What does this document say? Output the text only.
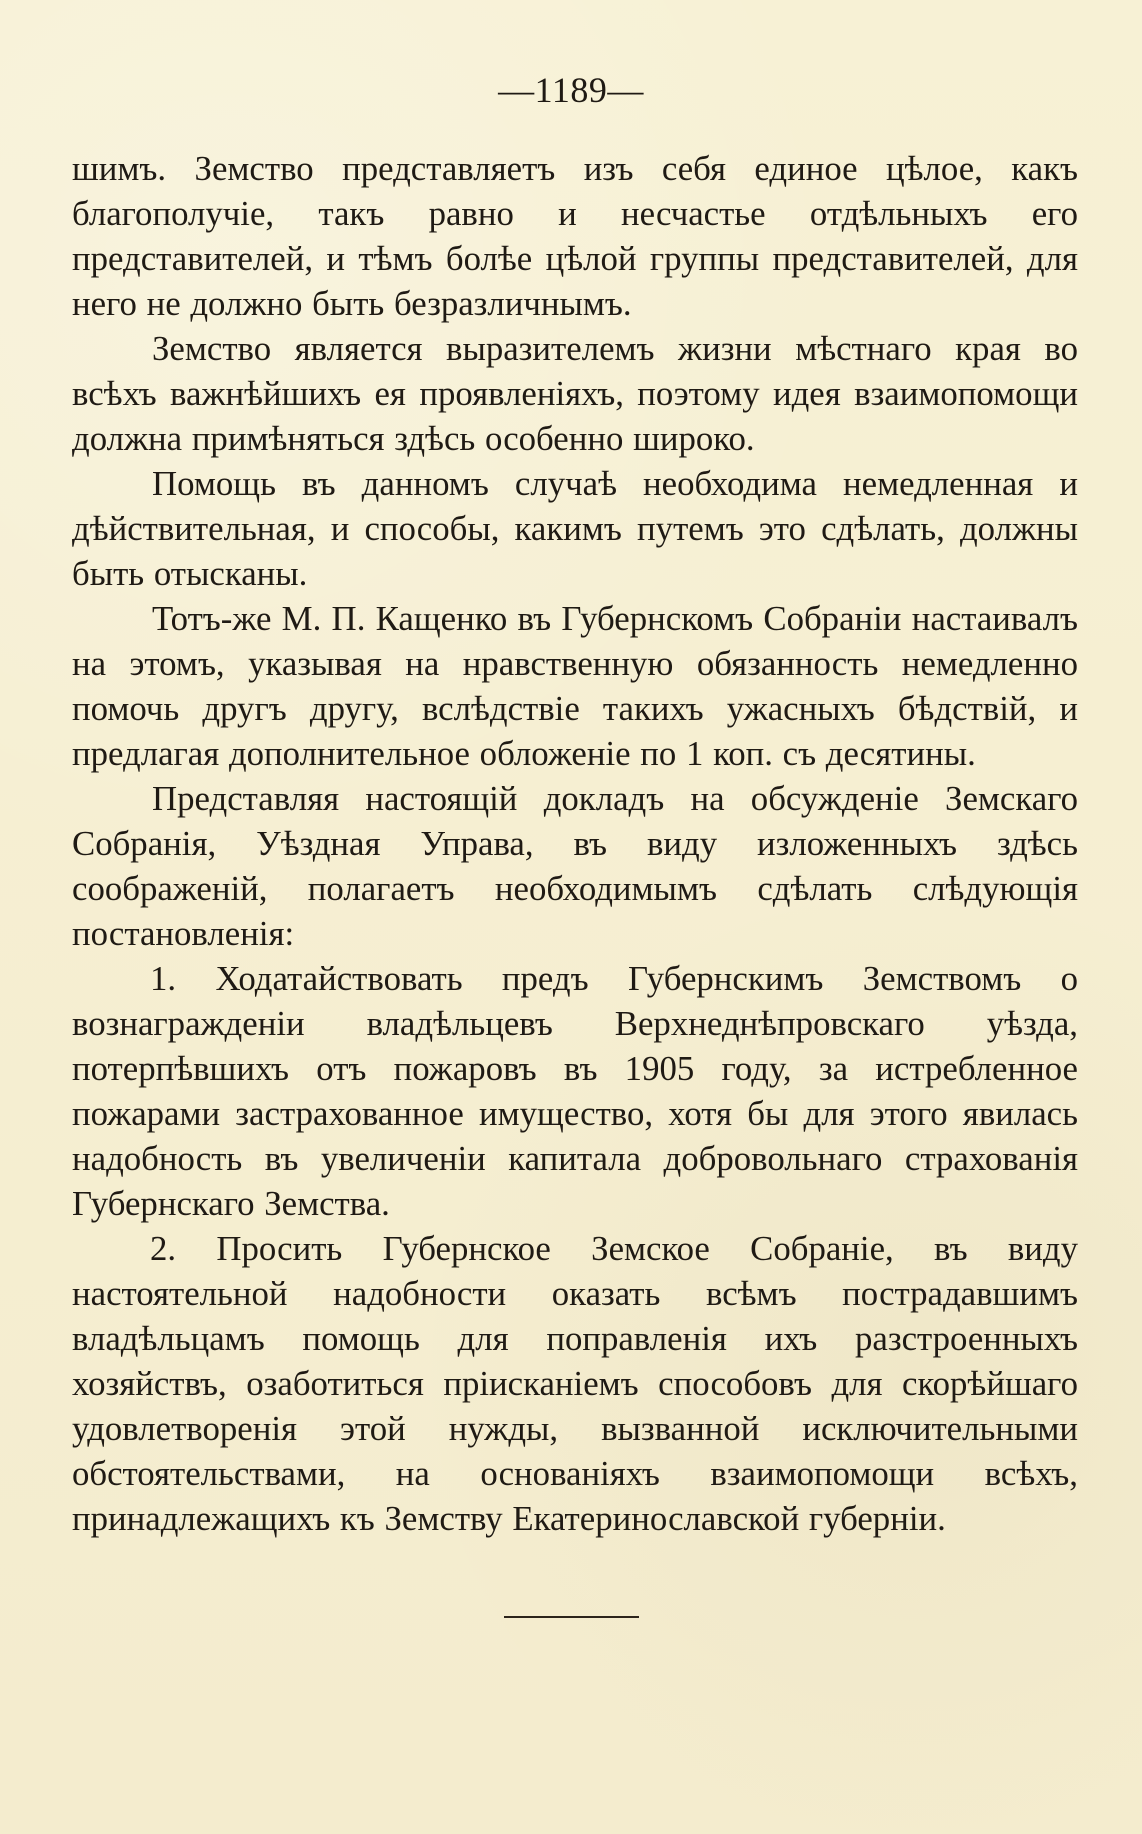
—1189—

шимъ. Земство представляетъ изъ себя единое цѣлое, какъ благополучіе, такъ равно и несчастье отдѣльныхъ его представителей, и тѣмъ болѣе цѣлой группы представителей, для него не должно быть безразличнымъ.

Земство является выразителемъ жизни мѣстнаго края во всѣхъ важнѣйшихъ ея проявленіяхъ, поэтому идея взаимопомощи должна примѣняться здѣсь особенно широко.

Помощь въ данномъ случаѣ необходима немедленная и дѣйствительная, и способы, какимъ путемъ это сдѣлать, должны быть отысканы.

Тотъ-же М. П. Кащенко въ Губернскомъ Собраніи настаивалъ на этомъ, указывая на нравственную обязанность немедленно помочь другъ другу, вслѣдствіе такихъ ужасныхъ бѣдствій, и предлагая дополнительное обложеніе по 1 коп. съ десятины.

Представляя настоящій докладъ на обсужденіе Земскаго Собранія, Уѣздная Управа, въ виду изложенныхъ здѣсь соображеній, полагаетъ необходимымъ сдѣлать слѣдующія постановленія:

1. Ходатайствовать предъ Губернскимъ Земствомъ о вознагражденіи владѣльцевъ Верхнеднѣпровскаго уѣзда, потерпѣвшихъ отъ пожаровъ въ 1905 году, за истребленное пожарами застрахованное имущество, хотя бы для этого явилась надобность въ увеличеніи капитала добровольнаго страхованія Губернскаго Земства.

2. Просить Губернское Земское Собраніе, въ виду настоятельной надобности оказать всѣмъ пострадавшимъ владѣльцамъ помощь для поправленія ихъ разстроенныхъ хозяйствъ, озаботиться пріисканіемъ способовъ для скорѣйшаго удовлетворенія этой нужды, вызванной исключительными обстоятельствами, на основаніяхъ взаимопомощи всѣхъ, принадлежащихъ къ Земству Екатеринославской губерніи.
